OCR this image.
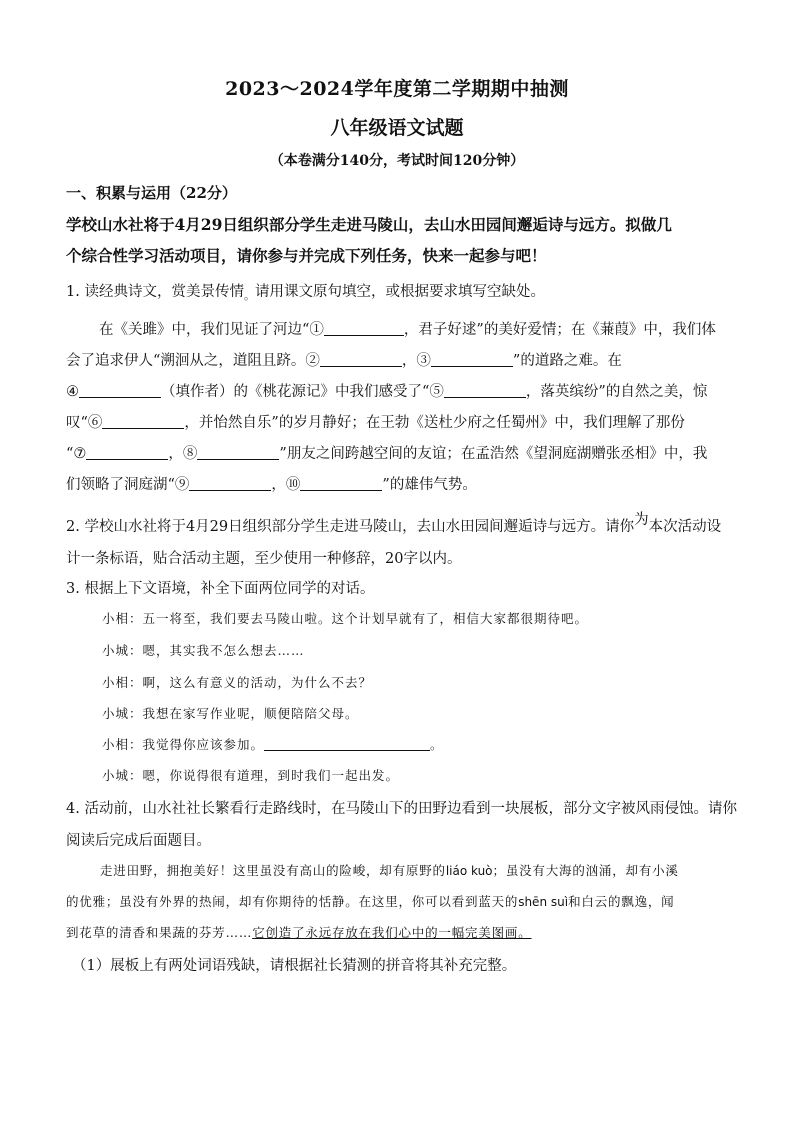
2023～2024学年度第二学期期中抽测
八年级语文试题
（本卷满分140分，考试时间120分钟）
一、积累与运用（22分）
学校山水社将于4月29日组织部分学生走进马陵山，去山水田园间邂逅诗与远方。拟做几
个综合性学习活动项目，请你参与并完成下列任务，快来一起参与吧！
1. 读经典诗文，赏美景传情$_。$请用课文原句填空，或根据要求填写空缺处。
在《关雎》中，我们见证了河边“①	，君子好逑”的美好爱情；在《蒹葭》中，我们体
会了追求伊人“溯洄从之，道阻且跻。②	，③	”的道路之难。在
④	（填作者）的《桃花源记》中我们感受了“⑤	，落英缤纷”的自然之美，惊
叹“⑥	，并怡然自乐”的岁月静好；在王勃《送杜少府之任蜀州》中，我们理解了那份
“⑦	，⑧	”朋友之间跨越空间的友谊；在孟浩然《望洞庭湖赠张丞相》中，我
们领略了洞庭湖“⑨	，⑩	”的雄伟气势。
2. 学校山水社将于4月29日组织部分学生走进马陵山，去山水田园间邂逅诗与远方。请你为本次活动设
计一条标语，贴合活动主题，至少使用一种修辞，20字以内。
3. 根据上下文语境，补全下面两位同学的对话。
小相：五一将至，我们要去马陵山啦。这个计划早就有了，相信大家都很期待吧。
小城：嗯，其实我不怎么想去……
小相：啊，这么有意义的活动，为什么不去？
小城：我想在家写作业呢，顺便陪陪父母。
小相：我觉得你应该参加。	。
小城：嗯，你说得很有道理，到时我们一起出发。
4. 活动前，山水社社长繁看行走路线时，在马陵山下的田野边看到一块展板，部分文字被风雨侵蚀。请你
阅读后完成后面题目。
走进田野，拥抱美好！这里虽没有高山的险峻，却有原野的liáo kuò；虽没有大海的汹涌，却有小溪
的优雅；虽没有外界的热闹，却有你期待的恬静。在这里，你可以看到蓝天的shēn suì和白云的飘逸，闻
到花草的清香和果蔬的芬芳……它创造了永远存放在我们心中的一幅完美图画。
（1）展板上有两处词语残缺，请根据社长猜测的拼音将其补充完整。
